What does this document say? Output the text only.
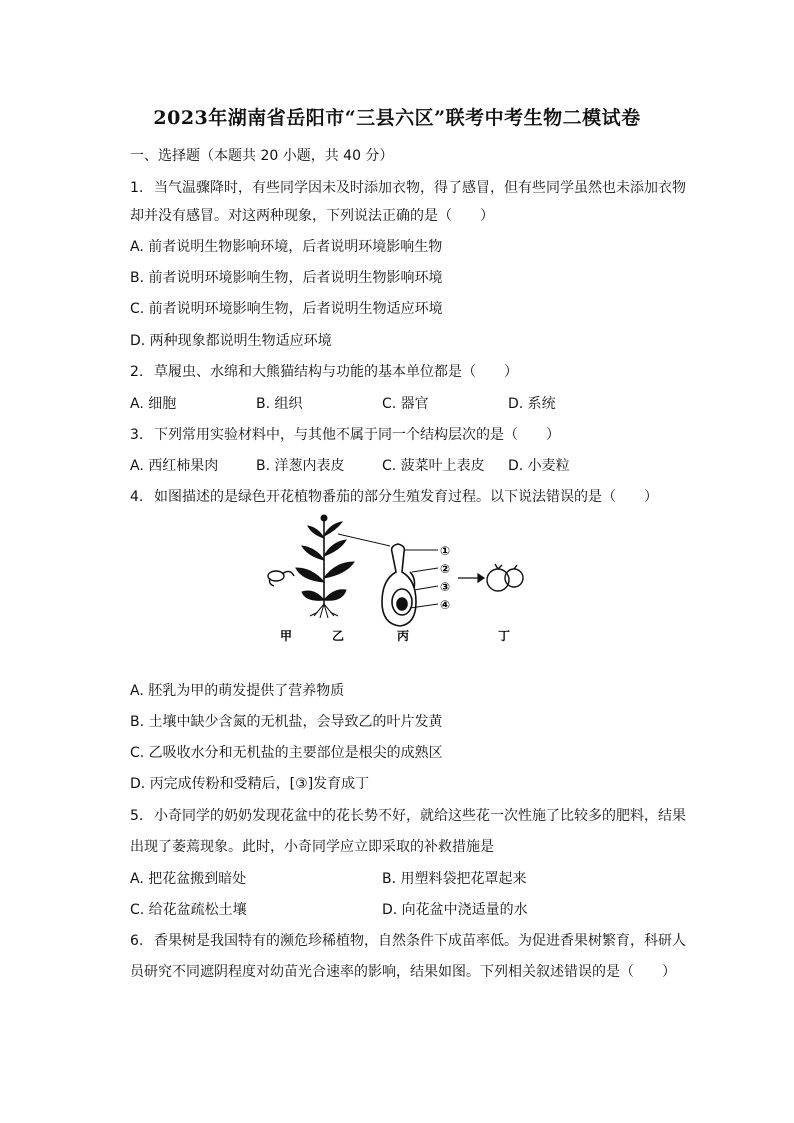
2023年湖南省岳阳市“三县六区”联考中考生物二模试卷
一、选择题（本题共 20 小题，共 40 分）
1. 当气温骤降时，有些同学因未及时添加衣物，得了感冒，但有些同学虽然也未添加衣物
却并没有感冒。对这两种现象，下列说法正确的是（　　）
A. 前者说明生物影响环境，后者说明环境影响生物
B. 前者说明环境影响生物，后者说明生物影响环境
C. 前者说明环境影响生物，后者说明生物适应环境
D. 两种现象都说明生物适应环境
2. 草履虫、水绵和大熊猫结构与功能的基本单位都是（　　）
A. 细胞	B. 组织	C. 器官	D. 系统
3. 下列常用实验材料中，与其他不属于同一个结构层次的是（　　）
A. 西红柿果肉	B. 洋葱内表皮	C. 菠菜叶上表皮 D. 小麦粒
4. 如图描述的是绿色开花植物番茄的部分生殖发育过程。以下说法错误的是（　　）
①
②
③
④
甲	乙	丙	丁
A. 胚乳为甲的萌发提供了营养物质
B. 土壤中缺少含氮的无机盐，会导致乙的叶片发黄
C. 乙吸收水分和无机盐的主要部位是根尖的成熟区
D. 丙完成传粉和受精后，[③]发育成丁
5. 小奇同学的奶奶发现花盆中的花长势不好，就给这些花一次性施了比较多的肥料，结果
出现了萎蔫现象。此时，小奇同学应立即采取的补救措施是
A. 把花盆搬到暗处	B. 用塑料袋把花罩起来
C. 给花盆疏松土壤	D. 向花盆中浇适量的水
6. 香果树是我国特有的濒危珍稀植物，自然条件下成苗率低。为促进香果树繁育，科研人
员研究不同遮阴程度对幼苗光合速率的影响，结果如图。下列相关叙述错误的是（　　）
